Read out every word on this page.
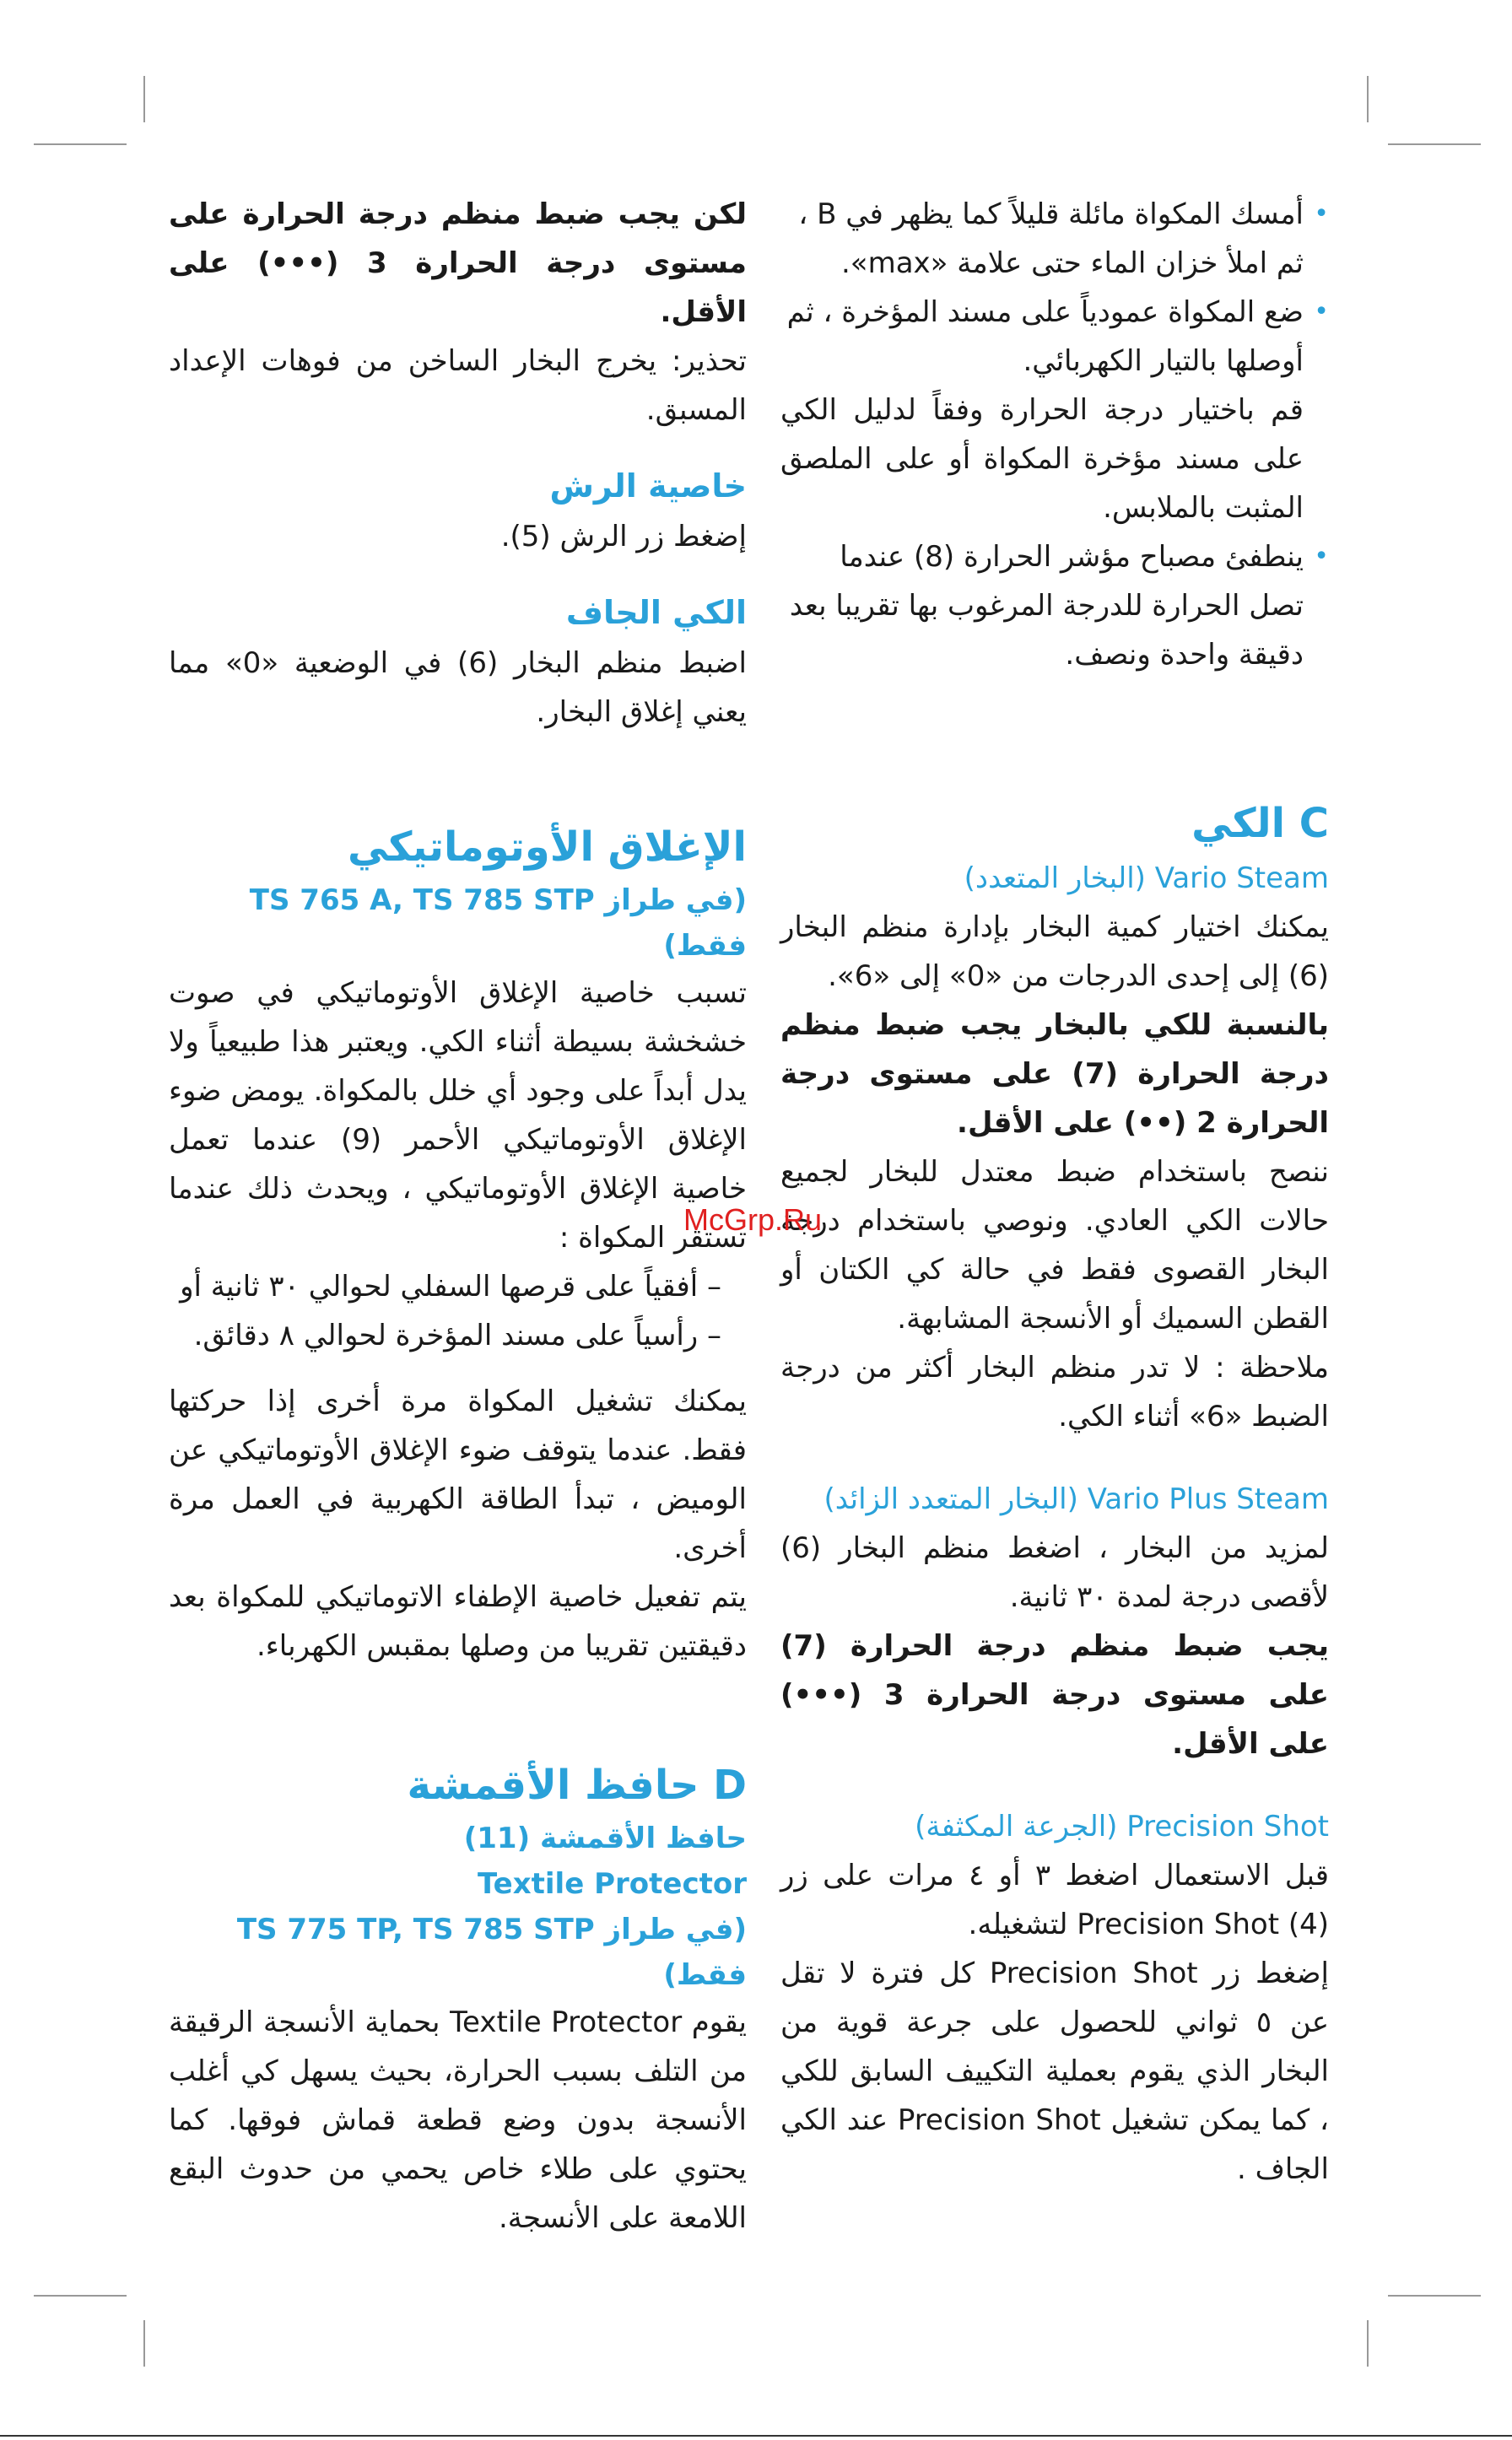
•
أمسك المكواة مائلة قليلاً كما يظهر في B ، ثم املأ خزان الماء حتى علامة «max».
•
ضع المكواة عمودياً على مسند المؤخرة ، ثم أوصلها بالتيار الكهربائي.

قم باختيار درجة الحرارة وفقاً لدليل الكي على مسند مؤخرة المكواة أو على الملصق المثبت بالملابس.

•
ينطفئ مصباح مؤشر الحرارة (8) عندما تصل الحرارة للدرجة المرغوب بها تقريبا بعد دقيقة واحدة ونصف.
C الكي
Vario Steam (البخار المتعدد)

يمكنك اختيار كمية البخار بإدارة منظم البخار (6) إلى إحدى الدرجات من «0» إلى «6».

بالنسبة للكي بالبخار يجب ضبط منظم درجة الحرارة (7) على مستوى درجة الحرارة 2 (••) على الأقل.

ننصح باستخدام ضبط معتدل للبخار لجميع حالات الكي العادي. ونوصي باستخدام درجة البخار القصوى فقط في حالة كي الكتان أو القطن السميك أو الأنسجة المشابهة.

ملاحظة : لا تدر منظم البخار أكثر من درجة الضبط «6» أثناء الكي.

Vario Plus Steam (البخار المتعدد الزائد)

لمزيد من البخار ، اضغط منظم البخار (6) لأقصى درجة لمدة ٣٠ ثانية.

يجب ضبط منظم درجة الحرارة (7) على مستوى درجة الحرارة 3 (•••) على الأقل.

Precision Shot (الجرعة المكثفة)

قبل الاستعمال اضغط ٣ أو ٤ مرات على زر Precision Shot (4) لتشغيله.

إضغط زر Precision Shot كل فترة لا تقل عن ٥ ثواني للحصول على جرعة قوية من البخار الذي يقوم بعملية التكييف السابق للكي ، كما يمكن تشغيل Precision Shot عند الكي الجاف .

لكن يجب ضبط منظم درجة الحرارة على مستوى درجة الحرارة 3 (•••) على الأقل.

تحذير: يخرج البخار الساخن من فوهات الإعداد المسبق.

خاصية الرش

إضغط زر الرش (5).

الكي الجاف

اضبط منظم البخار (6) في الوضعية «0» مما يعني إغلاق البخار.

الإغلاق الأوتوماتيكي
(في طراز TS 765 A, TS 785 STP فقط)

تسبب خاصية الإغلاق الأوتوماتيكي في صوت خشخشة بسيطة أثناء الكي. ويعتبر هذا طبيعياً ولا يدل أبداً على وجود أي خلل بالمكواة. يومض ضوء الإغلاق الأوتوماتيكي الأحمر (9) عندما تعمل خاصية الإغلاق الأوتوماتيكي ، ويحدث ذلك عندما تستقر المكواة :

– أفقياً على قرصها السفلي لحوالي ٣٠ ثانية أو

– رأسياً على مسند المؤخرة لحوالي ٨ دقائق.

يمكنك تشغيل المكواة مرة أخرى إذا حركتها فقط. عندما يتوقف ضوء الإغلاق الأوتوماتيكي عن الوميض ، تبدأ الطاقة الكهربية في العمل مرة أخرى.

يتم تفعيل خاصية الإطفاء الاتوماتيكي للمكواة بعد دقيقتين تقريبا من وصلها بمقبس الكهرباء.

D حافظ الأقمشة
حافظ الأقمشة (11)
Textile Protector
(في طراز TS 775 TP, TS 785 STP فقط)

يقوم Textile Protector بحماية الأنسجة الرقيقة من التلف بسبب الحرارة، بحيث يسهل كي أغلب الأنسجة بدون وضع قطعة قماش فوقها. كما يحتوي على طلاء خاص يحمي من حدوث البقع اللامعة على الأنسجة.

McGrp.Ru
